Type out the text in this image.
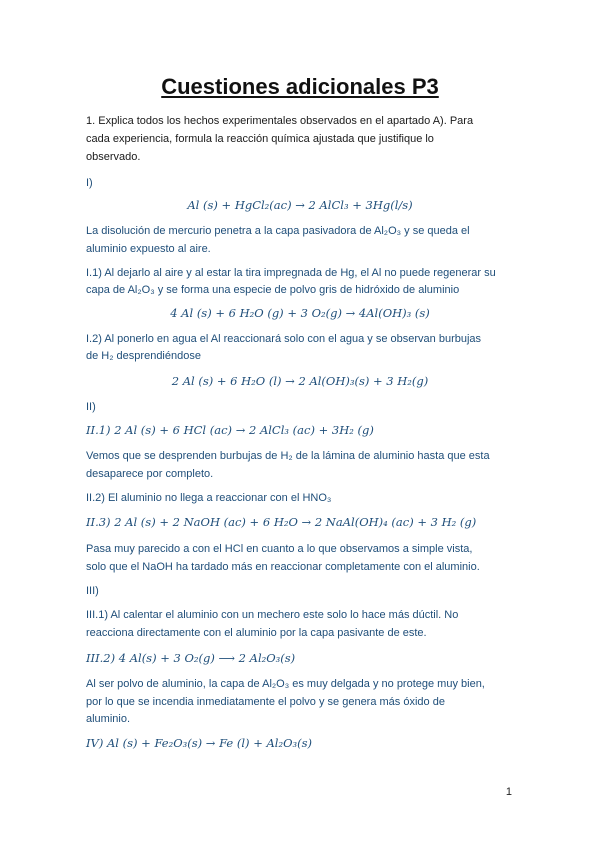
Cuestiones adicionales P3
1. Explica todos los hechos experimentales observados en el apartado A). Para
cada experiencia, formula la reacción química ajustada que justifique lo
observado.
I)
Al (s) + HgCl₂(ac) → 2 AlCl₃ + 3Hg(l/s)
La disolución de mercurio penetra a la capa pasivadora de Al₂O₃ y se queda el
aluminio expuesto al aire.
I.1) Al dejarlo al aire y al estar la tira impregnada de Hg, el Al no puede regenerar su
capa de Al₂O₃ y se forma una especie de polvo gris de hidróxido de aluminio
4 Al (s) + 6 H₂O (g) + 3 O₂(g) → 4Al(OH)₃ (s)
I.2) Al ponerlo en agua el Al reaccionará solo con el agua y se observan burbujas
de H₂ desprendiéndose
2 Al (s) + 6 H₂O (l) → 2 Al(OH)₃(s) + 3 H₂(g)
II)
II.1) 2 Al (s) + 6 HCl (ac) → 2 AlCl₃ (ac) + 3H₂ (g)
Vemos que se desprenden burbujas de H₂ de la lámina de aluminio hasta que esta
desaparece por completo.
II.2) El aluminio no llega a reaccionar con el HNO₃
II.3) 2 Al (s) + 2 NaOH (ac) + 6 H₂O → 2 NaAl(OH)₄ (ac) + 3 H₂ (g)
Pasa muy parecido a con el HCl en cuanto a lo que observamos a simple vista,
solo que el NaOH ha tardado más en reaccionar completamente con el aluminio.
III)
III.1) Al calentar el aluminio con un mechero este solo lo hace más dúctil. No
reacciona directamente con el aluminio por la capa pasivante de este.
III.2) 4 Al(s) + 3 O₂(g) ⟶ 2 Al₂O₃(s)
Al ser polvo de aluminio, la capa de Al₂O₃ es muy delgada y no protege muy bien,
por lo que se incendia inmediatamente el polvo y se genera más óxido de
aluminio.
IV) Al (s) + Fe₂O₃(s) → Fe (l) + Al₂O₃(s)
1
